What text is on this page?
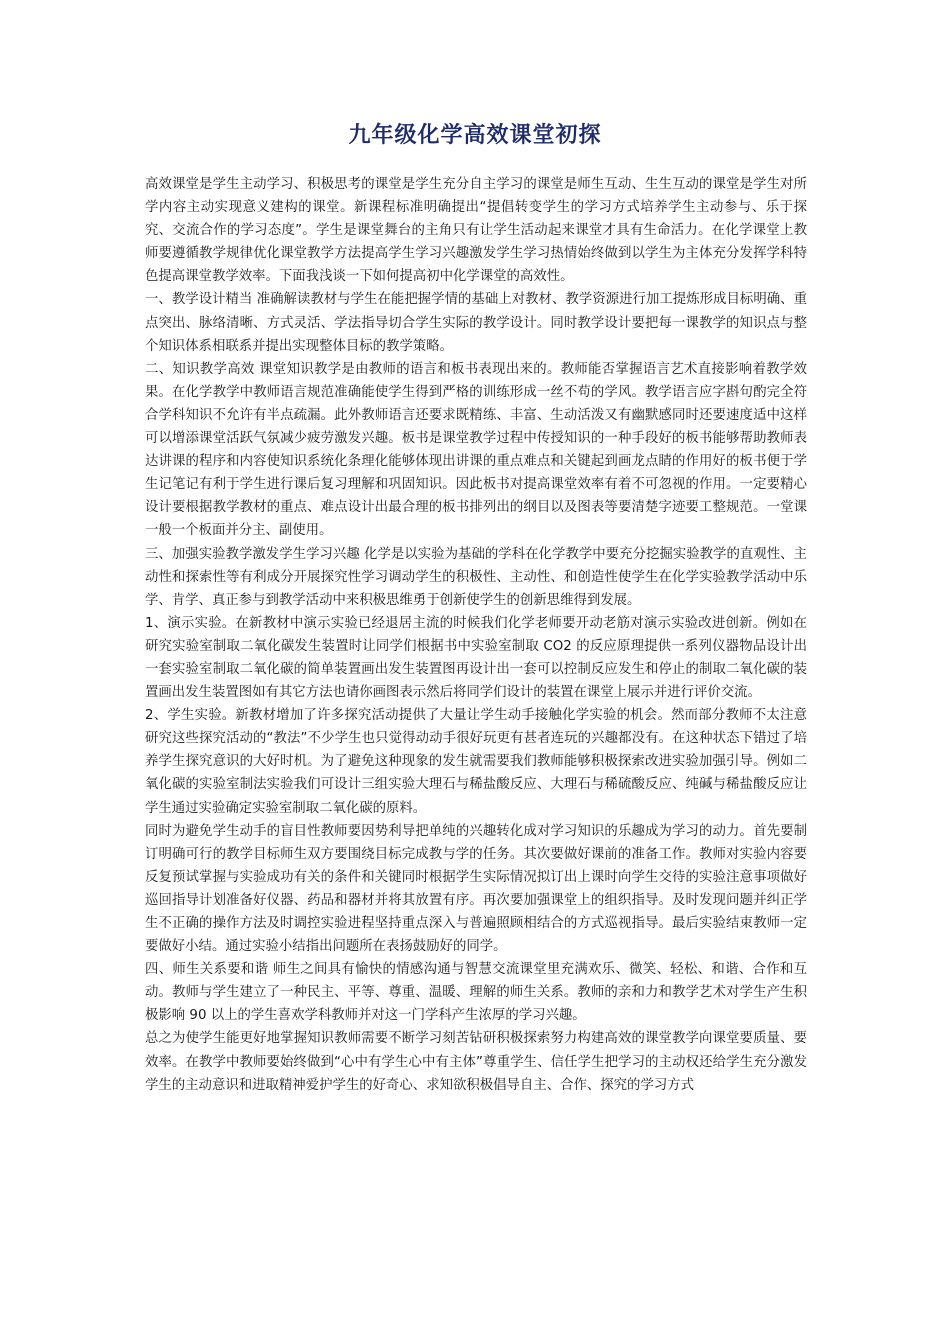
九年级化学高效课堂初探

高效课堂是学生主动学习、积极思考的课堂是学生充分自主学习的课堂是师生互动、生生互动的课堂是学生对所学内容主动实现意义建构的课堂。新课程标准明确提出“提倡转变学生的学习方式培养学生主动参与、乐于探究、交流合作的学习态度”。学生是课堂舞台的主角只有让学生活动起来课堂才具有生命活力。在化学课堂上教师要遵循教学规律优化课堂教学方法提高学生学习兴趣激发学生学习热情始终做到以学生为主体充分发挥学科特色提高课堂教学效率。下面我浅谈一下如何提高初中化学课堂的高效性。

一、教学设计精当 准确解读教材与学生在能把握学情的基础上对教材、教学资源进行加工提炼形成目标明确、重点突出、脉络清晰、方式灵活、学法指导切合学生实际的教学设计。同时教学设计要把每一课教学的知识点与整个知识体系相联系并提出实现整体目标的教学策略。

二、知识教学高效 课堂知识教学是由教师的语言和板书表现出来的。教师能否掌握语言艺术直接影响着教学效果。在化学教学中教师语言规范准确能使学生得到严格的训练形成一丝不苟的学风。教学语言应字斟句酌完全符合学科知识不允许有半点疏漏。此外教师语言还要求既精练、丰富、生动活泼又有幽默感同时还要速度适中这样可以增添课堂活跃气氛减少疲劳激发兴趣。板书是课堂教学过程中传授知识的一种手段好的板书能够帮助教师表达讲课的程序和内容使知识系统化条理化能够体现出讲课的重点难点和关键起到画龙点睛的作用好的板书便于学生记笔记有利于学生进行课后复习理解和巩固知识。因此板书对提高课堂效率有着不可忽视的作用。一定要精心设计要根据教学教材的重点、难点设计出最合理的板书排列出的纲目以及图表等要清楚字迹要工整规范。一堂课一般一个板面并分主、副使用。

三、加强实验教学激发学生学习兴趣 化学是以实验为基础的学科在化学教学中要充分挖掘实验教学的直观性、主动性和探索性等有利成分开展探究性学习调动学生的积极性、主动性、和创造性使学生在化学实验教学活动中乐学、肯学、真正参与到教学活动中来积极思维勇于创新使学生的创新思维得到发展。

1、演示实验。在新教材中演示实验已经退居主流的时候我们化学老师要开动老筋对演示实验改进创新。例如在研究实验室制取二氧化碳发生装置时让同学们根据书中实验室制取 CO2 的反应原理提供一系列仪器物品设计出一套实验室制取二氧化碳的简单装置画出发生装置图再设计出一套可以控制反应发生和停止的制取二氧化碳的装置画出发生装置图如有其它方法也请你画图表示然后将同学们设计的装置在课堂上展示并进行评价交流。

2、学生实验。新教材增加了许多探究活动提供了大量让学生动手接触化学实验的机会。然而部分教师不太注意研究这些探究活动的“教法”不少学生也只觉得动动手很好玩更有甚者连玩的兴趣都没有。在这种状态下错过了培养学生探究意识的大好时机。为了避免这种现象的发生就需要我们教师能够积极探索改进实验加强引导。例如二氧化碳的实验室制法实验我们可设计三组实验大理石与稀盐酸反应、大理石与稀硫酸反应、纯碱与稀盐酸反应让学生通过实验确定实验室制取二氧化碳的原料。

同时为避免学生动手的盲目性教师要因势利导把单纯的兴趣转化成对学习知识的乐趣成为学习的动力。首先要制订明确可行的教学目标师生双方要围绕目标完成教与学的任务。其次要做好课前的准备工作。教师对实验内容要反复预试掌握与实验成功有关的条件和关键同时根据学生实际情况拟订出上课时向学生交待的实验注意事项做好巡回指导计划准备好仪器、药品和器材并将其放置有序。再次要加强课堂上的组织指导。及时发现问题并纠正学生不正确的操作方法及时调控实验进程坚持重点深入与普遍照顾相结合的方式巡视指导。最后实验结束教师一定要做好小结。通过实验小结指出问题所在表扬鼓励好的同学。

四、师生关系要和谐 师生之间具有愉快的情感沟通与智慧交流课堂里充满欢乐、微笑、轻松、和谐、合作和互动。教师与学生建立了一种民主、平等、尊重、温暖、理解的师生关系。教师的亲和力和教学艺术对学生产生积极影响 90 以上的学生喜欢学科教师并对这一门学科产生浓厚的学习兴趣。

总之为使学生能更好地掌握知识教师需要不断学习刻苦钻研积极探索努力构建高效的课堂教学向课堂要质量、要效率。在教学中教师要始终做到“心中有学生心中有主体”尊重学生、信任学生把学习的主动权还给学生充分激发学生的主动意识和进取精神爱护学生的好奇心、求知欲积极倡导自主、合作、探究的学习方式
